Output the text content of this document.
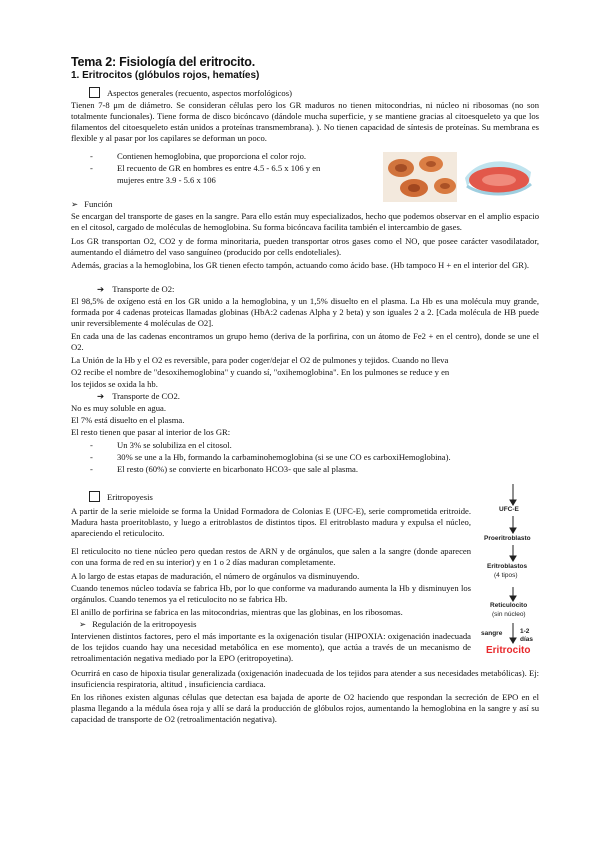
Tema 2: Fisiología del eritrocito.
1. Eritrocitos (glóbulos rojos, hematíes)
Aspectos generales (recuento, aspectos morfológicos)

Tienen 7-8 μm de diámetro. Se consideran células pero los GR maduros no tienen mitocondrias, ni núcleo ni ribosomas (no son totalmente funcionales). Tiene forma de disco bicóncavo (dándole mucha superficie, y se mantiene gracias al citoesqueleto ya que los filamentos del citoesqueleto están unidos a proteínas transmembrana). ). No tienen capacidad de síntesis de proteínas. Su membrana es flexible y al pasar por los capilares se deforman un poco.

-	Contienen hemoglobina, que proporciona el color rojo.
-	El recuento de GR en hombres es entre 4.5 - 6.5 x 106 y en
mujeres entre 3.9 - 5.6 x 106
➢ Función

Se encargan del transporte de gases en la sangre. Para ello están muy especializados, hecho que podemos observar en el amplio espacio en el citosol, cargado de moléculas de hemoglobina. Su forma bicóncava facilita también el intercambio de gases.

Los GR transportan O2, CO2 y de forma minoritaria, pueden transportar otros gases como el NO, que posee carácter vasodilatador, aumentando el diámetro del vaso sanguíneo (producido por cells endoteliales).

Además, gracias a la hemoglobina, los GR tienen efecto tampón, actuando como ácido base. (Hb tampoco H + en el interior del GR).

➔ Transporte de O2:

El 98,5% de oxígeno está en los GR unido a la hemoglobina, y un 1,5% disuelto en el plasma. La Hb es una molécula muy grande, formada por 4 cadenas proteicas llamadas globinas (HbA:2 cadenas Alpha y 2 beta) y son iguales 2 a 2. [Cada molécula de HB puede unir reversiblemente 4 moléculas de O2].

En cada una de las cadenas encontramos un grupo hemo (deriva de la porfirina, con un átomo de Fe2 + en el centro), donde se une el O2.

La Unión de la Hb y el O2 es reversible, para poder coger/dejar el O2 de pulmones y tejidos. Cuando no lleva
O2 recibe el nombre de "desoxihemoglobina" y cuando sí, "oxihemoglobina". En los pulmones se reduce y en
los tejidos se oxida la hb.
➔ Transporte de CO2.
No es muy soluble en agua.
El 7% está disuelto en el plasma.
El resto tienen que pasar al interior de los GR:
-	Un 3% se solubiliza en el citosol.
-	30% se une a la Hb, formando la carbaminohemoglobina (si se une CO es carboxiHemoglobina).
-	El resto (60%) se convierte en bicarbonato HCO3- que sale al plasma.
Eritropoyesis

A partir de la serie mieloide se forma la Unidad Formadora de Colonias E (UFC-E), serie comprometida eritroide. Madura hasta proeritoblasto, y luego a eritroblastos de distintos tipos. El eritroblasto madura y expulsa el núcleo, apareciendo el reticulocito.

El reticulocito no tiene núcleo pero quedan restos de ARN y de orgánulos, que salen a la sangre (donde aparecen con una forma de red en su interior) y en 1 o 2 días maduran completamente.

A lo largo de estas etapas de maduración, el número de orgánulos va disminuyendo.

Cuando tenemos núcleo todavía se fabrica Hb, por lo que conforme va madurando aumenta la Hb y disminuyen los orgánulos. Cuando tenemos ya el reticulocito no se fabrica Hb.

El anillo de porfirina se fabrica en las mitocondrias, mientras que las globinas, en los ribosomas.
➢ Regulación de la eritropoyesis

Intervienen distintos factores, pero el más importante es la oxigenación tisular (HIPOXIA: oxigenación inadecuada de los tejidos cuando hay una necesidad metabólica en ese momento), que actúa a través de un mecanismo de retroalimentación negativa mediado por la EPO (eritropoyetina).

Ocurrirá en caso de hipoxia tisular generalizada (oxigenación inadecuada de los tejidos para atender a sus necesidades metabólicas). Ej: insuficiencia respiratoria, altitud , insuficiencia cardiaca.

En los riñones existen algunas células que detectan esa bajada de aporte de O2 haciendo que respondan la secreción de EPO en el plasma llegando a la médula ósea roja y allí se dará la producción de glóbulos rojos, aumentando la hemoglobina en la sangre y así su capacidad de transporte de O2 (retroalimentación negativa).

UFC-E
Proeritroblasto
Eritroblastos
(4 tipos)
Reticulocito
(sin núcleo)
sangre	1-2
días
Eritrocito
